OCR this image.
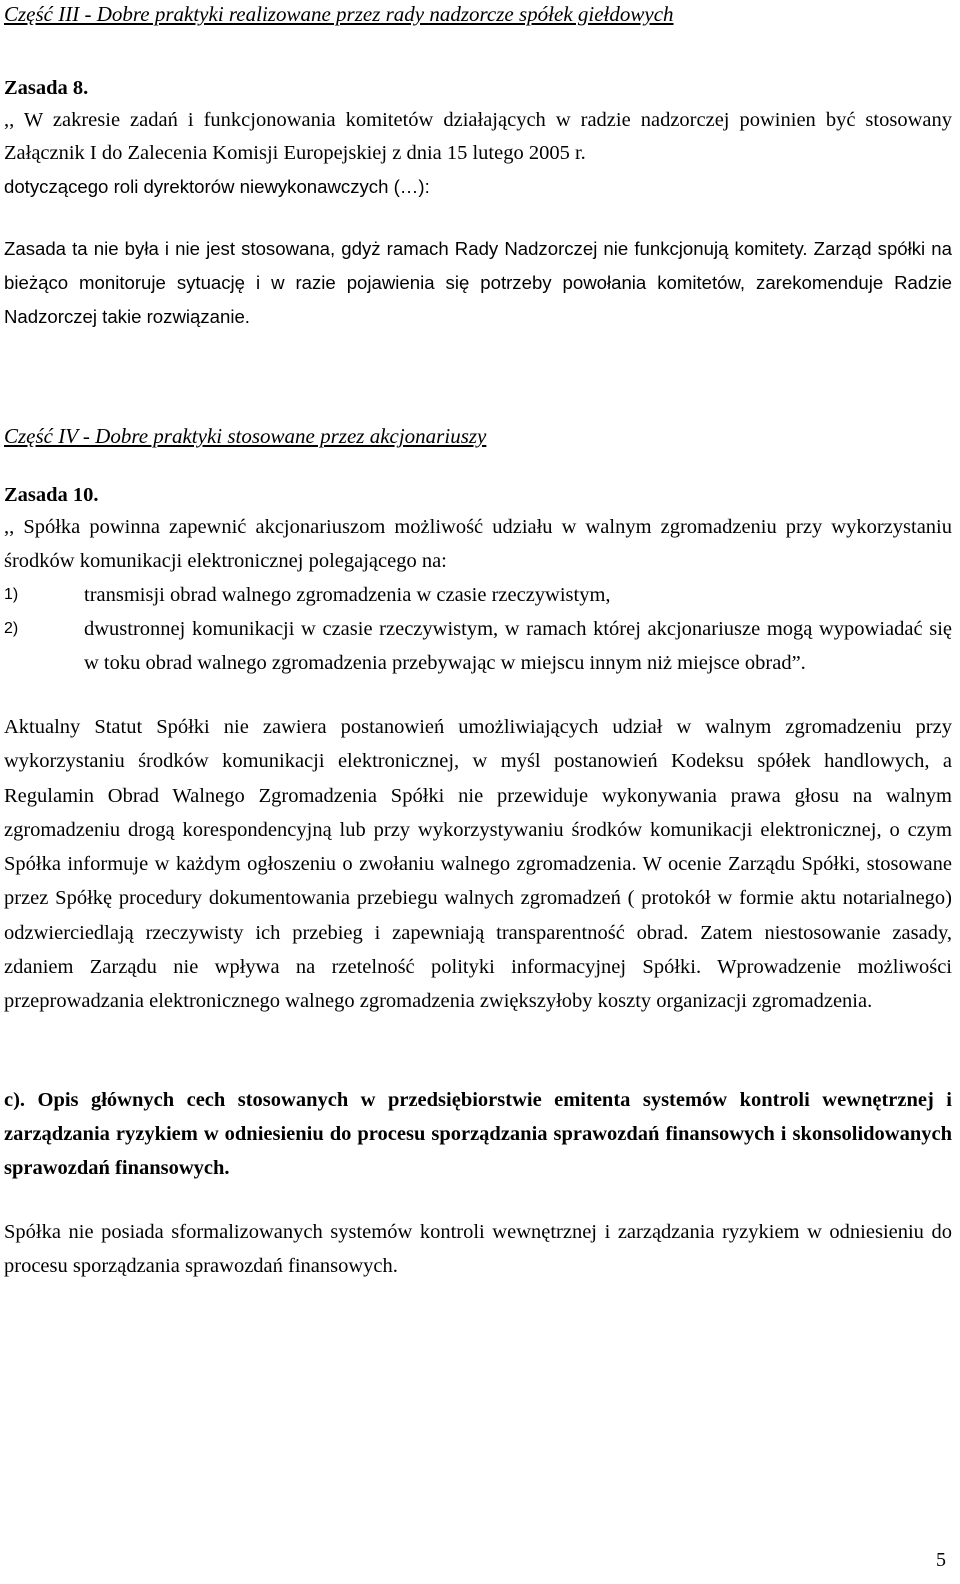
Część III - Dobre praktyki realizowane przez rady nadzorcze spółek giełdowych

Zasada 8.

,, W zakresie zadań i funkcjonowania komitetów działających w radzie nadzorczej powinien być stosowany Załącznik I do Zalecenia Komisji Europejskiej z dnia 15 lutego 2005 r.

dotyczącego roli dyrektorów niewykonawczych (…):

Zasada ta nie była i nie jest stosowana, gdyż ramach Rady Nadzorczej nie funkcjonują komitety. Zarząd spółki na bieżąco monitoruje sytuację i w razie pojawienia się potrzeby powołania komitetów, zarekomenduje Radzie Nadzorczej takie rozwiązanie.

Część IV - Dobre praktyki stosowane przez akcjonariuszy

Zasada 10.

,, Spółka powinna zapewnić akcjonariuszom możliwość udziału w walnym zgromadzeniu przy wykorzystaniu środków komunikacji elektronicznej polegającego na:

1)	transmisji obrad walnego zgromadzenia w czasie rzeczywistym,
2)	dwustronnej komunikacji w czasie rzeczywistym, w ramach której akcjonariusze mogą wypowiadać się w toku obrad walnego zgromadzenia przebywając w miejscu innym niż miejsce obrad”.

Aktualny Statut Spółki nie zawiera postanowień umożliwiających udział w walnym zgromadzeniu przy wykorzystaniu środków komunikacji elektronicznej, w myśl postanowień Kodeksu spółek handlowych, a Regulamin Obrad Walnego Zgromadzenia Spółki nie przewiduje wykonywania prawa głosu na walnym zgromadzeniu drogą korespondencyjną lub przy wykorzystywaniu środków komunikacji elektronicznej, o czym Spółka informuje w każdym ogłoszeniu o zwołaniu walnego zgromadzenia. W ocenie Zarządu Spółki, stosowane przez Spółkę procedury dokumentowania przebiegu walnych zgromadzeń ( protokół w formie aktu notarialnego) odzwierciedlają rzeczywisty ich przebieg i zapewniają transparentność obrad. Zatem niestosowanie zasady, zdaniem Zarządu nie wpływa na rzetelność polityki informacyjnej Spółki. Wprowadzenie możliwości przeprowadzania elektronicznego walnego zgromadzenia zwiększyłoby koszty organizacji zgromadzenia.

c). Opis głównych cech stosowanych w przedsiębiorstwie emitenta systemów kontroli wewnętrznej i zarządzania ryzykiem w odniesieniu do procesu sporządzania sprawozdań finansowych i skonsolidowanych sprawozdań finansowych.

Spółka nie posiada sformalizowanych systemów kontroli wewnętrznej i zarządzania ryzykiem w odniesieniu do procesu sporządzania sprawozdań finansowych.

5
